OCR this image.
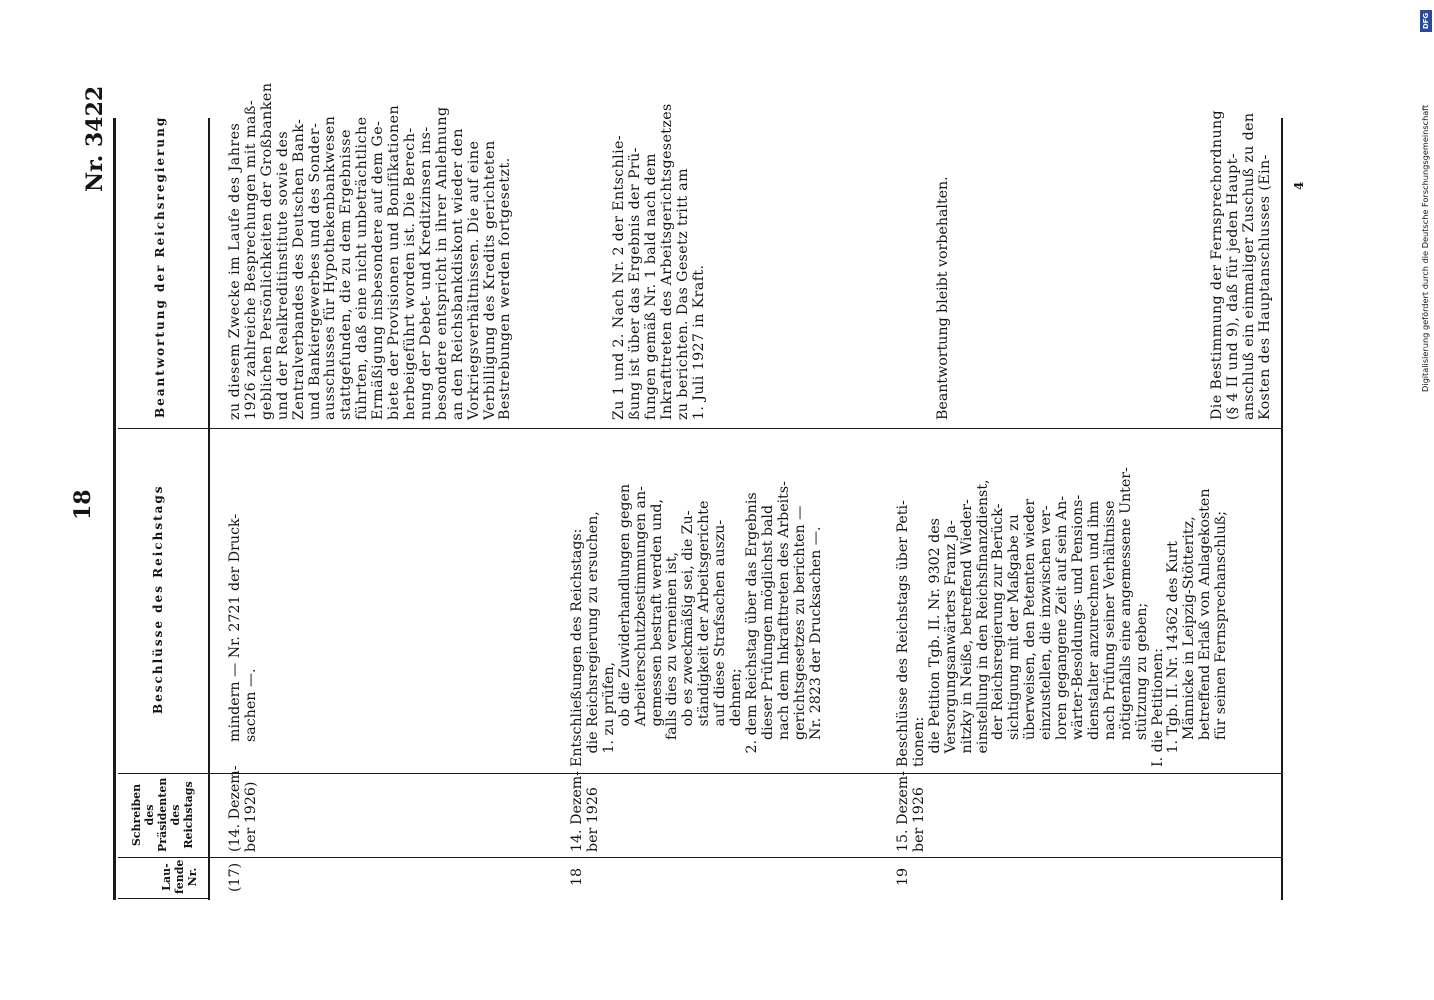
18
Nr. 3422
Lau-
fende
Nr.
Schreiben
des
Präsidenten
des
Reichstags
Beschlüsse des Reichstags
Beantwortung der Reichsregierung
(17)
(14. Dezem-
ber 1926)
mindern — Nr. 2721 der Druck-
sachen —.
zu diesem Zwecke im Laufe des Jahres
1926 zahlreiche Besprechungen mit maß-
geblichen Persönlichkeiten der Großbanken
und der Realkreditinstitute sowie des
Zentralverbandes des Deutschen Bank-
und Bankiergewerbes und des Sonder-
ausschusses für Hypothekenbankwesen
stattgefunden, die zu dem Ergebnisse
führten, daß eine nicht unbeträchtliche
Ermäßigung insbesondere auf dem Ge-
biete der Provisionen und Bonifikationen
herbeigeführt worden ist. Die Berech-
nung der Debet- und Kreditzinsen ins-
besondere entspricht in ihrer Anlehnung
an den Reichsbankdiskont wieder den
Vorkriegsverhältnissen. Die auf eine
Verbilligung des Kredits gerichteten
Bestrebungen werden fortgesetzt.
18
14. Dezem-
ber 1926
Entschließungen des Reichstags:
die Reichsregierung zu ersuchen,
1. zu prüfen,
ob die Zuwiderhandlungen gegen
Arbeiterschutzbestimmungen an-
gemessen bestraft werden und,
falls dies zu verneinen ist,
ob es zweckmäßig sei, die Zu-
ständigkeit der Arbeitsgerichte
auf diese Strafsachen auszu-
dehnen;
2. dem Reichstag über das Ergebnis
dieser Prüfungen möglichst bald
nach dem Inkrafttreten des Arbeits-
gerichtsgesetzes zu berichten —
Nr. 2823 der Drucksachen —.
Zu 1 und 2. Nach Nr. 2 der Entschlie-
ßung ist über das Ergebnis der Prü-
fungen gemäß Nr. 1 bald nach dem
Inkrafttreten des Arbeitsgerichtsgesetzes
zu berichten. Das Gesetz tritt am
1. Juli 1927 in Kraft.
19
15. Dezem-
ber 1926
Beschlüsse des Reichstags über Peti-
tionen:
die Petition Tgb. II. Nr. 9302 des
Versorgungsanwärters Franz Ja-
nitzky in Neiße, betreffend Wieder-
einstellung in den Reichsfinanzdienst,
der Reichsregierung zur Berück-
sichtigung mit der Maßgabe zu
überweisen, den Petenten wieder
einzustellen, die inzwischen ver-
loren gegangene Zeit auf sein An-
wärter-Besoldungs- und Pensions-
dienstalter anzurechnen und ihm
nach Prüfung seiner Verhältnisse
nötigenfalls eine angemessene Unter-
stützung zu geben;
I. die Petitionen:
1. Tgb. II. Nr. 14362 des Kurt
Männicke in Leipzig-Stötteritz,
betreffend Erlaß von Anlagekosten
für seinen Fernsprechanschluß;
Beantwortung bleibt vorbehalten.	Die Bestimmung der Fernsprechordnung
(§ 4 II und 9), daß für jeden Haupt-
anschluß ein einmaliger Zuschuß zu den
Kosten des Hauptanschlusses (Ein- 4	Digitalisierung gefördert durch die Deutsche Forschungsgemeinschaft
DFG
